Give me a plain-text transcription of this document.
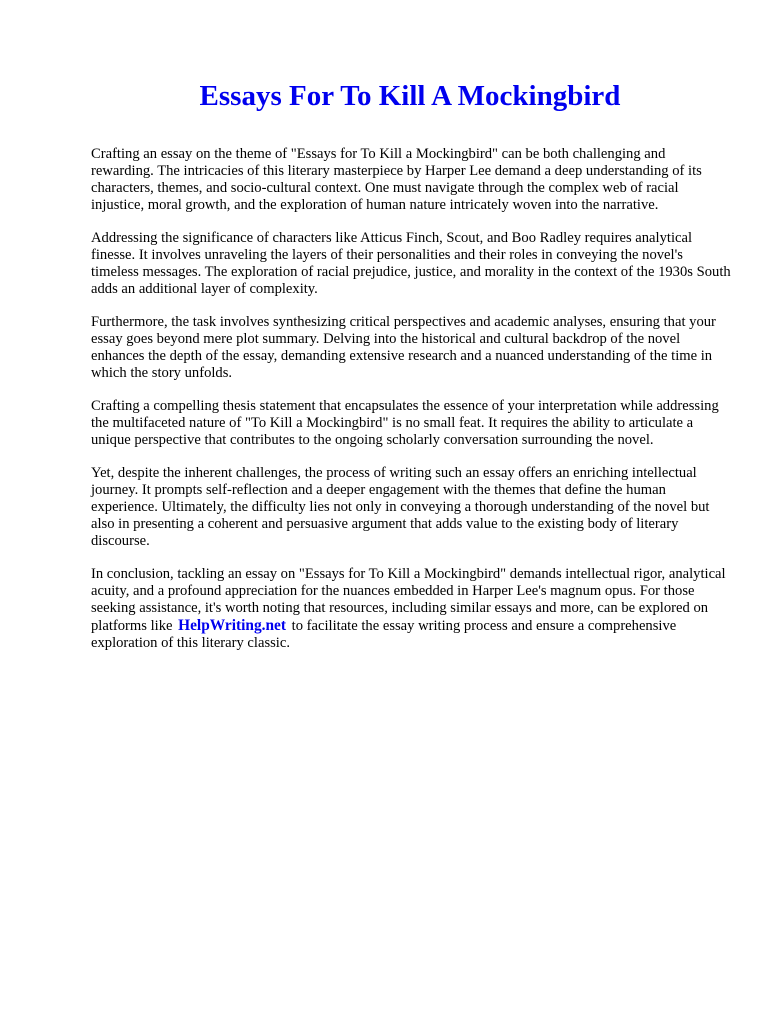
Essays For To Kill A Mockingbird

Crafting an essay on the theme of "Essays for To Kill a Mockingbird" can be both challenging and rewarding. The intricacies of this literary masterpiece by Harper Lee demand a deep understanding of its characters, themes, and socio-cultural context. One must navigate through the complex web of racial injustice, moral growth, and the exploration of human nature intricately woven into the narrative.

Addressing the significance of characters like Atticus Finch, Scout, and Boo Radley requires analytical finesse. It involves unraveling the layers of their personalities and their roles in conveying the novel's timeless messages. The exploration of racial prejudice, justice, and morality in the context of the 1930s South adds an additional layer of complexity.

Furthermore, the task involves synthesizing critical perspectives and academic analyses, ensuring that your essay goes beyond mere plot summary. Delving into the historical and cultural backdrop of the novel enhances the depth of the essay, demanding extensive research and a nuanced understanding of the time in which the story unfolds.

Crafting a compelling thesis statement that encapsulates the essence of your interpretation while addressing the multifaceted nature of "To Kill a Mockingbird" is no small feat. It requires the ability to articulate a unique perspective that contributes to the ongoing scholarly conversation surrounding the novel.

Yet, despite the inherent challenges, the process of writing such an essay offers an enriching intellectual journey. It prompts self-reflection and a deeper engagement with the themes that define the human experience. Ultimately, the difficulty lies not only in conveying a thorough understanding of the novel but also in presenting a coherent and persuasive argument that adds value to the existing body of literary discourse.

In conclusion, tackling an essay on "Essays for To Kill a Mockingbird" demands intellectual rigor, analytical acuity, and a profound appreciation for the nuances embedded in Harper Lee's magnum opus. For those seeking assistance, it's worth noting that resources, including similar essays and more, can be explored on platforms like HelpWriting.net to facilitate the essay writing process and ensure a comprehensive exploration of this literary classic.
